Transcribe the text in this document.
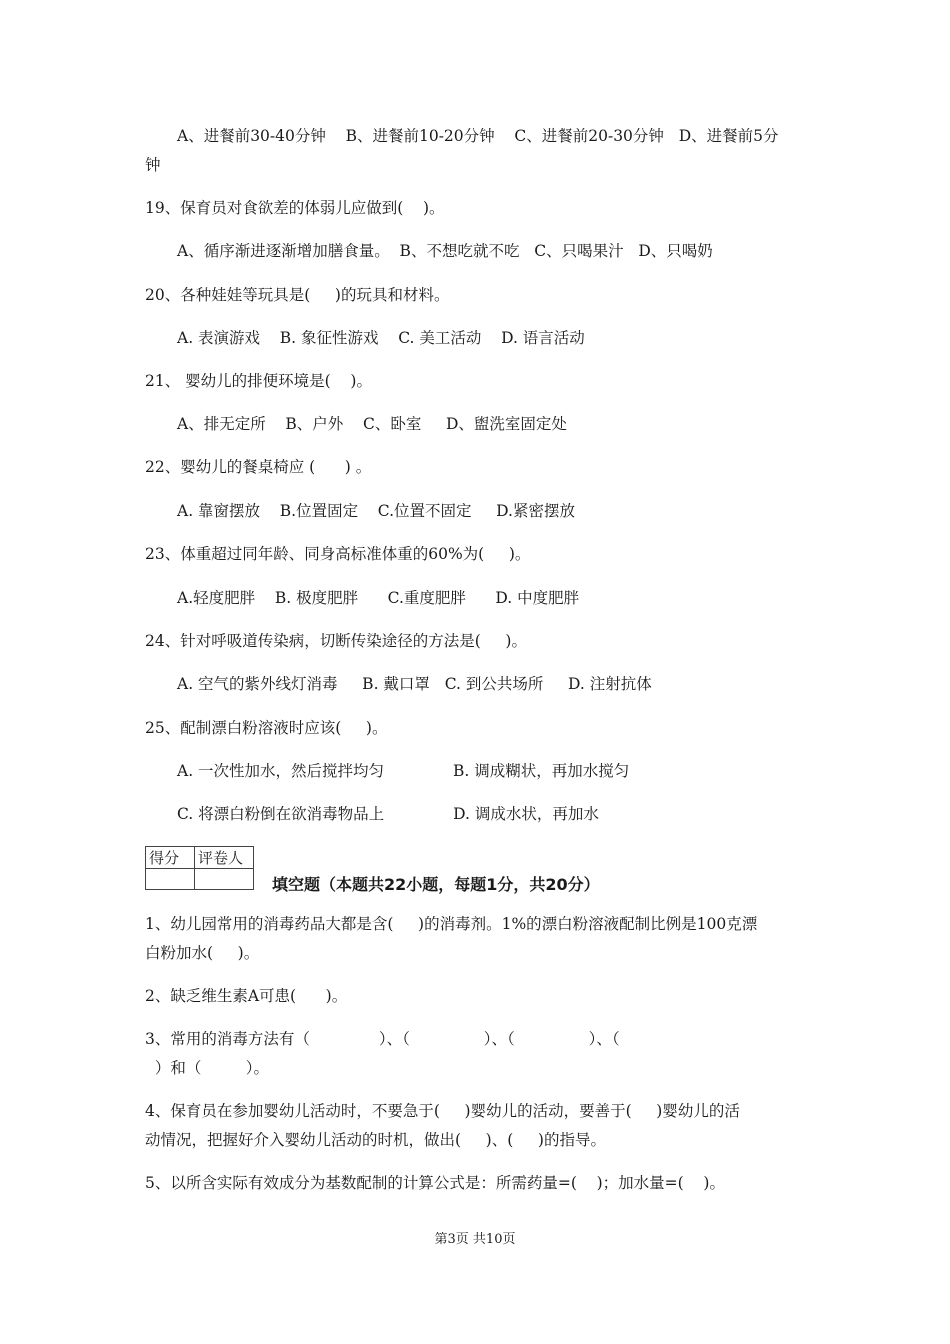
A、进餐前30-40分钟    B、进餐前10-20分钟    C、进餐前20-30分钟   D、进餐前5分
钟
19、保育员对食欲差的体弱儿应做到(    )。
A、循序渐进逐渐增加膳食量。  B、不想吃就不吃   C、只喝果汁   D、只喝奶
20、各种娃娃等玩具是(     )的玩具和材料。
A. 表演游戏    B. 象征性游戏    C. 美工活动    D. 语言活动
21、 婴幼儿的排便环境是(    )。
A、排无定所    B、户外    C、卧室     D、盥洗室固定处
22、婴幼儿的餐桌椅应 (      ) 。
A. 靠窗摆放    B.位置固定    C.位置不固定     D.紧密摆放
23、体重超过同年龄、同身高标准体重的60%为(     )。
A.轻度肥胖    B. 极度肥胖      C.重度肥胖      D. 中度肥胖
24、针对呼吸道传染病，切断传染途径的方法是(     )。
A. 空气的紫外线灯消毒     B. 戴口罩   C. 到公共场所     D. 注射抗体
25、配制漂白粉溶液时应该(     )。
A. 一次性加水，然后搅拌均匀              B. 调成糊状，再加水搅匀
C. 将漂白粉倒在欲消毒物品上              D. 调成水状，再加水
1、幼儿园常用的消毒药品大都是含(     )的消毒剂。1%的漂白粉溶液配制比例是100克漂
白粉加水(     )。
2、缺乏维生素A可患(      )。
3、常用的消毒方法有（              ）、（               ）、（               ）、（
）和（         ）。
4、保育员在参加婴幼儿活动时，不要急于(     )婴幼儿的活动，要善于(     )婴幼儿的活
动情况，把握好介入婴幼儿活动的时机，做出(     )、(     )的指导。
5、以所含实际有效成分为基数配制的计算公式是：所需药量=(    )；加水量=(    )。
得分	评卷人

填空题（本题共22小题，每题1分，共20分）
第3页 共10页
